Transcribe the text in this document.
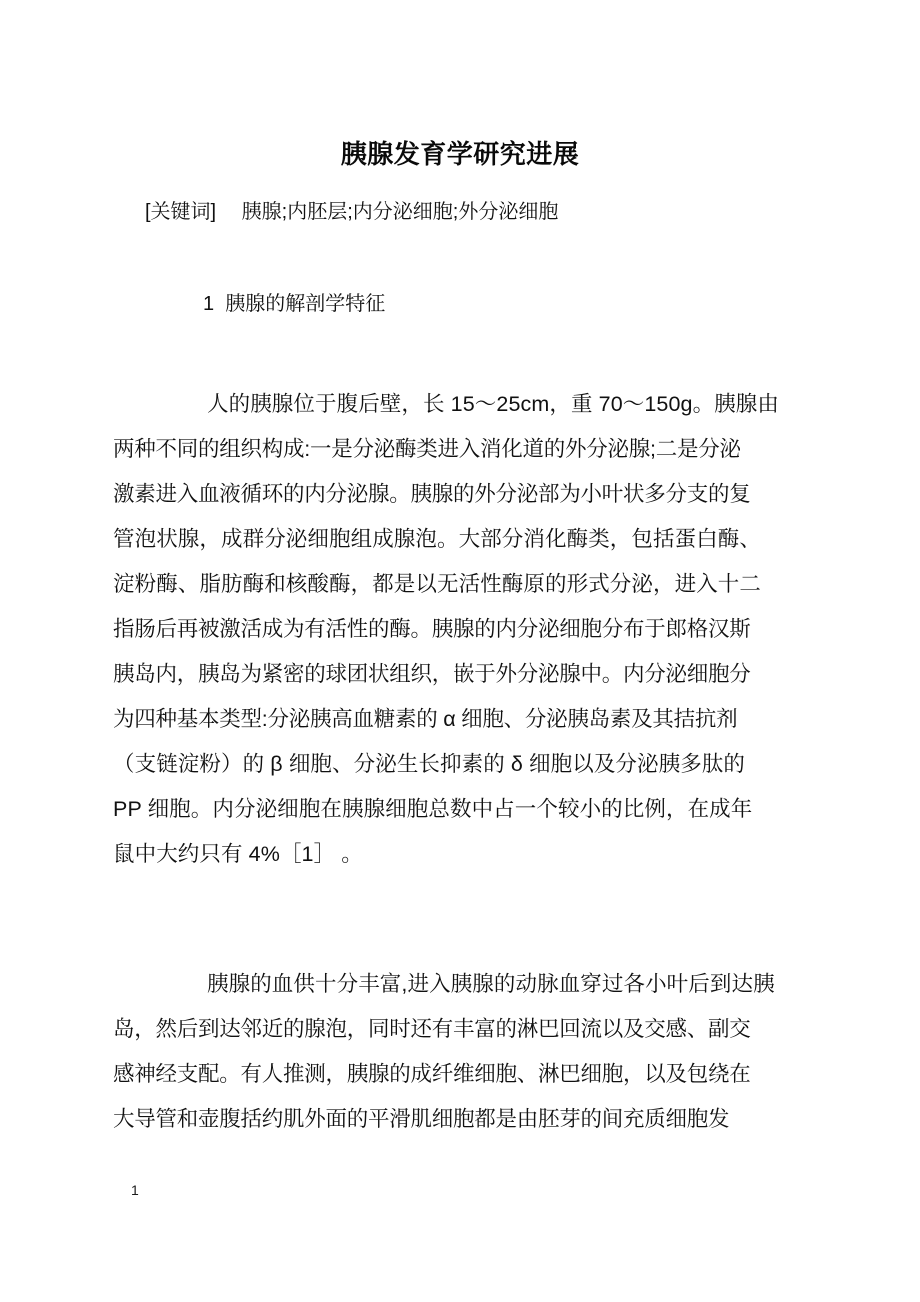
胰腺发育学研究进展
[关键词]　 胰腺;内胚层;内分泌细胞;外分泌细胞
1  胰腺的解剖学特征
人的胰腺位于腹后壁，长 15～25cm，重 70～150g。胰腺由
两种不同的组织构成:一是分泌酶类进入消化道的外分泌腺;二是分泌
激素进入血液循环的内分泌腺。胰腺的外分泌部为小叶状多分支的复
管泡状腺，成群分泌细胞组成腺泡。大部分消化酶类，包括蛋白酶、
淀粉酶、脂肪酶和核酸酶，都是以无活性酶原的形式分泌，进入十二
指肠后再被激活成为有活性的酶。胰腺的内分泌细胞分布于郎格汉斯
胰岛内，胰岛为紧密的球团状组织，嵌于外分泌腺中。内分泌细胞分
为四种基本类型:分泌胰高血糖素的 α 细胞、分泌胰岛素及其拮抗剂
（支链淀粉）的 β 细胞、分泌生长抑素的 δ 细胞以及分泌胰多肽的
PP 细胞。内分泌细胞在胰腺细胞总数中占一个较小的比例，在成年
鼠中大约只有 4%［1］ 。
胰腺的血供十分丰富,进入胰腺的动脉血穿过各小叶后到达胰
岛，然后到达邻近的腺泡，同时还有丰富的淋巴回流以及交感、副交
感神经支配。有人推测，胰腺的成纤维细胞、淋巴细胞，以及包绕在
大导管和壶腹括约肌外面的平滑肌细胞都是由胚芽的间充质细胞发
1
